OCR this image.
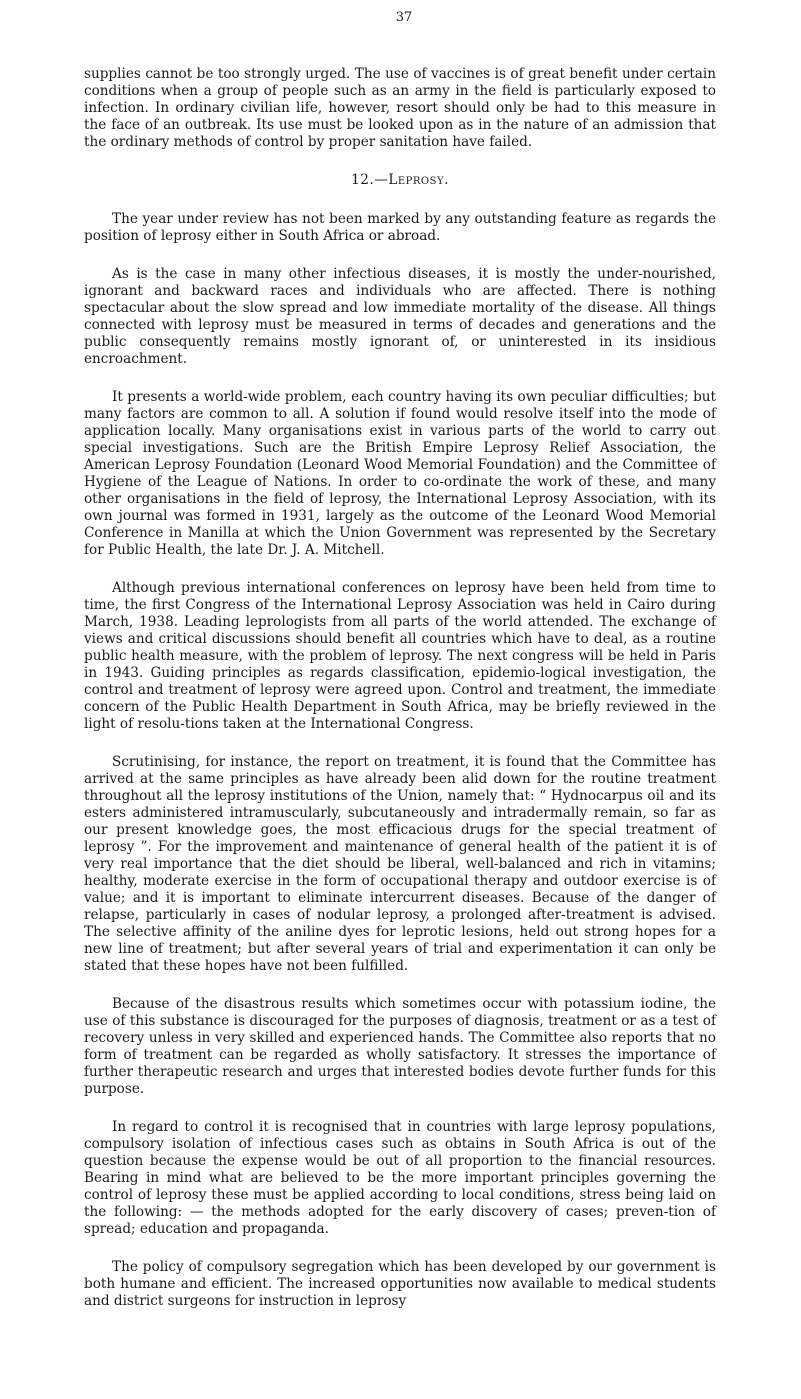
37

supplies cannot be too strongly urged. The use of vaccines is of great benefit under certain conditions when a group of people such as an army in the field is particularly exposed to infection. In ordinary civilian life, however, resort should only be had to this measure in the face of an outbreak. Its use must be looked upon as in the nature of an admission that the ordinary methods of control by proper sanitation have failed.

12.—Leprosy.

The year under review has not been marked by any outstanding feature as regards the position of leprosy either in South Africa or abroad.

As is the case in many other infectious diseases, it is mostly the under-nourished, ignorant and backward races and individuals who are affected. There is nothing spectacular about the slow spread and low immediate mortality of the disease. All things connected with leprosy must be measured in terms of decades and generations and the public consequently remains mostly ignorant of, or uninterested in its insidious encroachment.

It presents a world-wide problem, each country having its own peculiar difficulties; but many factors are common to all. A solution if found would resolve itself into the mode of application locally. Many organisations exist in various parts of the world to carry out special investigations. Such are the British Empire Leprosy Relief Association, the American Leprosy Foundation (Leonard Wood Memorial Foundation) and the Committee of Hygiene of the League of Nations. In order to co-ordinate the work of these, and many other organisations in the field of leprosy, the International Leprosy Association, with its own journal was formed in 1931, largely as the outcome of the Leonard Wood Memorial Conference in Manilla at which the Union Government was represented by the Secretary for Public Health, the late Dr. J. A. Mitchell.

Although previous international conferences on leprosy have been held from time to time, the first Congress of the International Leprosy Association was held in Cairo during March, 1938. Leading leprologists from all parts of the world attended. The exchange of views and critical discussions should benefit all countries which have to deal, as a routine public health measure, with the problem of leprosy. The next congress will be held in Paris in 1943. Guiding principles as regards classification, epidemio-logical investigation, the control and treatment of leprosy were agreed upon. Control and treatment, the immediate concern of the Public Health Department in South Africa, may be briefly reviewed in the light of resolu-tions taken at the International Congress.

Scrutinising, for instance, the report on treatment, it is found that the Committee has arrived at the same principles as have already been alid down for the routine treatment throughout all the leprosy institutions of the Union, namely that: “ Hydnocarpus oil and its esters administered intramuscularly, subcutaneously and intradermally remain, so far as our present knowledge goes, the most efficacious drugs for the special treatment of leprosy ”. For the improvement and maintenance of general health of the patient it is of very real importance that the diet should be liberal, well-balanced and rich in vitamins; healthy, moderate exercise in the form of occupational therapy and outdoor exercise is of value; and it is important to eliminate intercurrent diseases. Because of the danger of relapse, particularly in cases of nodular leprosy, a prolonged after-treatment is advised. The selective affinity of the aniline dyes for leprotic lesions, held out strong hopes for a new line of treatment; but after several years of trial and experimentation it can only be stated that these hopes have not been fulfilled.

Because of the disastrous results which sometimes occur with potassium iodine, the use of this substance is discouraged for the purposes of diagnosis, treatment or as a test of recovery unless in very skilled and experienced hands. The Committee also reports that no form of treatment can be regarded as wholly satisfactory. It stresses the importance of further therapeutic research and urges that interested bodies devote further funds for this purpose.

In regard to control it is recognised that in countries with large leprosy populations, compulsory isolation of infectious cases such as obtains in South Africa is out of the question because the expense would be out of all proportion to the financial resources. Bearing in mind what are believed to be the more important principles governing the control of leprosy these must be applied according to local conditions, stress being laid on the following: — the methods adopted for the early discovery of cases; preven-tion of spread; education and propaganda.

The policy of compulsory segregation which has been developed by our government is both humane and efficient. The increased opportunities now available to medical students and district surgeons for instruction in leprosy
